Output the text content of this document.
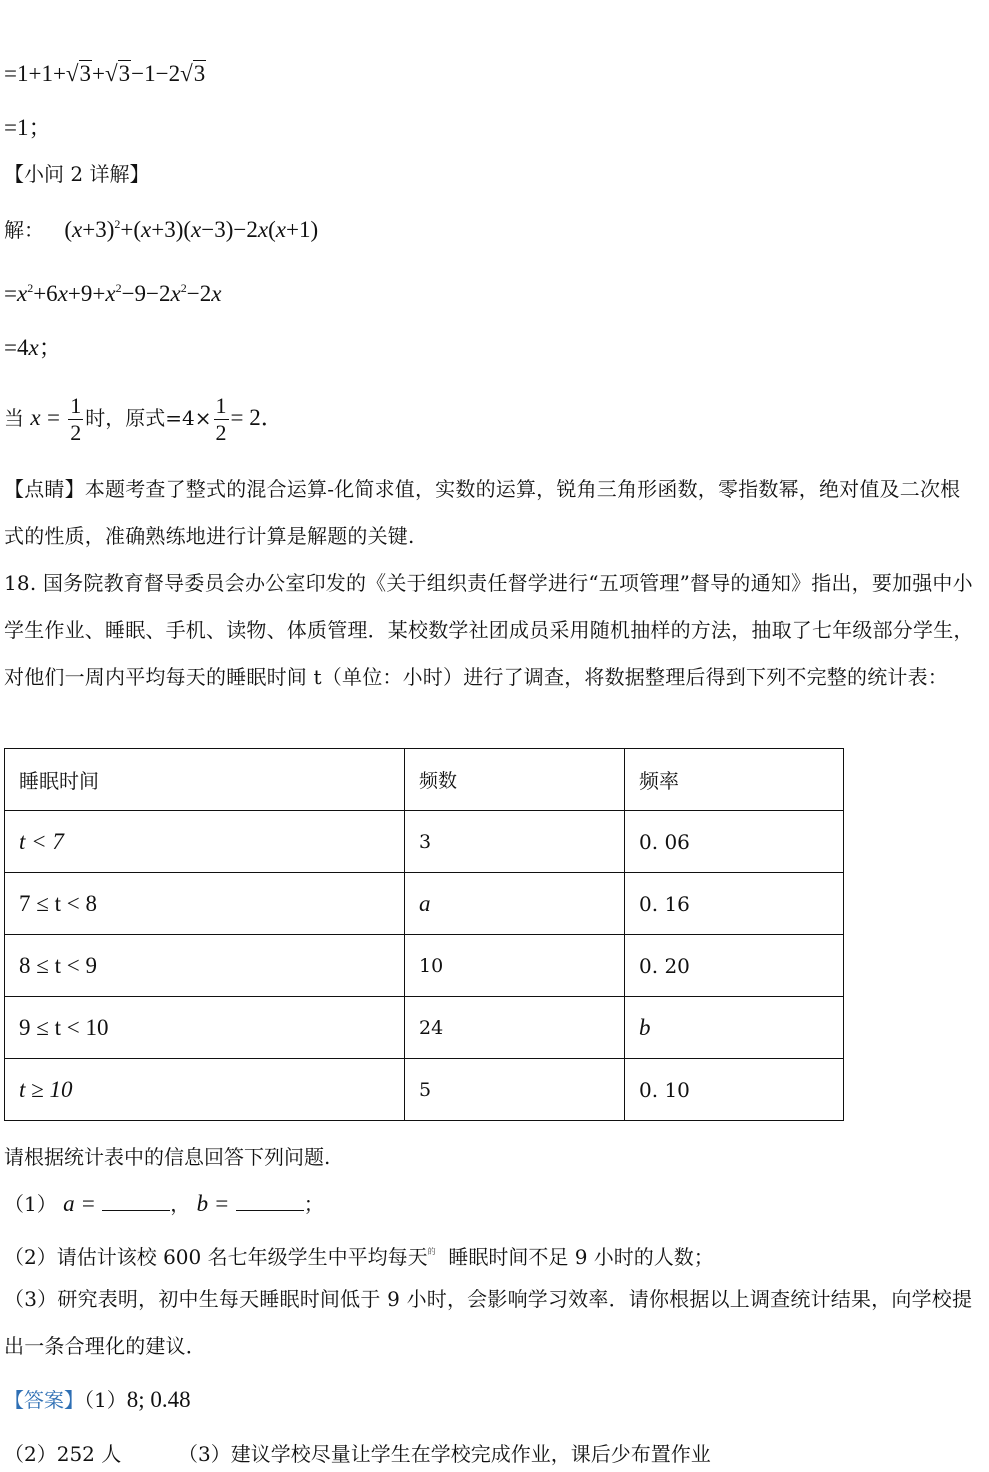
=1+1+√3+√3−1−2√3
=1；
【小问 2 详解】
解： $(x+3)^2+(x+3)(x-3)-2x(x+1)$
$=x^2+6x+9+x^2-9-2x^2-2x$
=4x；
当 $x = \frac{1}{2}$ 时，原式$=4\times \frac{1}{2} = 2$．
【点睛】本题考查了整式的混合运算-化简求值，实数的运算，锐角三角形函数，零指数幂，绝对值及二次根式的性质，准确熟练地进行计算是解题的关键.
18. 国务院教育督导委员会办公室印发的《关于组织责任督学进行“五项管理”督导的通知》指出，要加强中小学生作业、睡眠、手机、读物、体质管理．某校数学社团成员采用随机抽样的方法，抽取了七年级部分学生，对他们一周内平均每天的睡眠时间 t（单位：小时）进行了调查，将数据整理后得到下列不完整的统计表：
睡眠时间	频数	频率
t < 7	3	0. 06
7 ≤ t < 8	a	0. 16
8 ≤ t < 9	10	0. 20
9 ≤ t < 10	24	b
t ≥ 10	5	0. 10
请根据统计表中的信息回答下列问题.
（1） a =	， b =	；
（2）请估计该校 600 名七年级学生中平均每天$^的$ 睡眠时间不足 9 小时的人数；
（3）研究表明，初中生每天睡眠时间低于 9 小时，会影响学习效率．请你根据以上调查统计结果，向学校提出一条合理化的建议．
【答案】（1）8; 0.48
（2）252 人	（3）建议学校尽量让学生在学校完成作业，课后少布置作业
